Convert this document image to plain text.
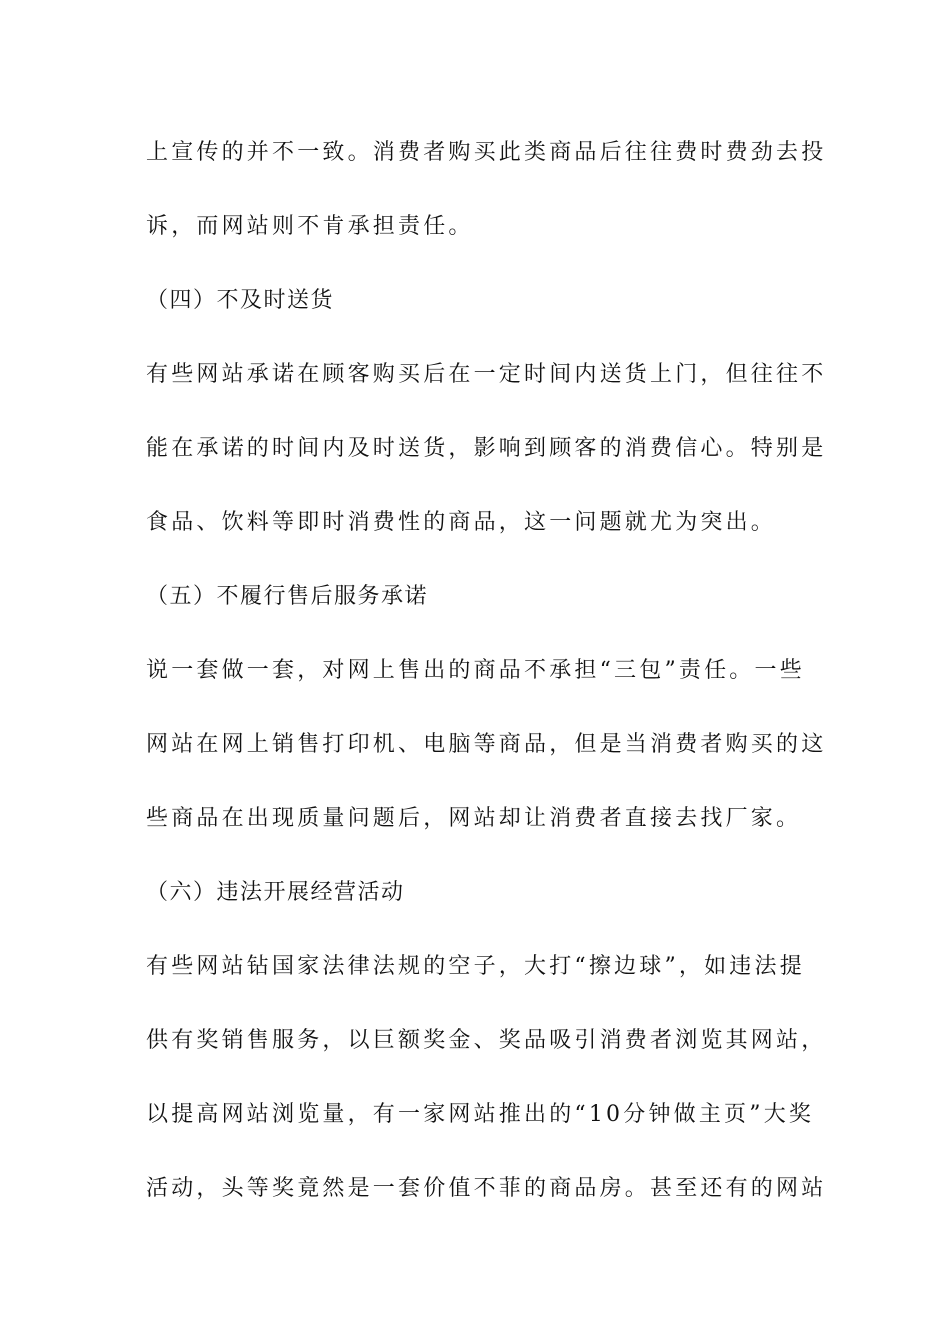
上宣传的并不一致。消费者购买此类商品后往往费时费劲去投
诉，而网站则不肯承担责任。
（四）不及时送货
有些网站承诺在顾客购买后在一定时间内送货上门，但往往不
能在承诺的时间内及时送货，影响到顾客的消费信心。特别是
食品、饮料等即时消费性的商品，这一问题就尤为突出。
（五）不履行售后服务承诺
说一套做一套，对网上售出的商品不承担“三包”责任。一些
网站在网上销售打印机、电脑等商品，但是当消费者购买的这
些商品在出现质量问题后，网站却让消费者直接去找厂家。
（六）违法开展经营活动
有些网站钻国家法律法规的空子，大打“擦边球”，如违法提
供有奖销售服务，以巨额奖金、奖品吸引消费者浏览其网站，
以提高网站浏览量，有一家网站推出的“10分钟做主页”大奖
活动，头等奖竟然是一套价值不菲的商品房。甚至还有的网站
